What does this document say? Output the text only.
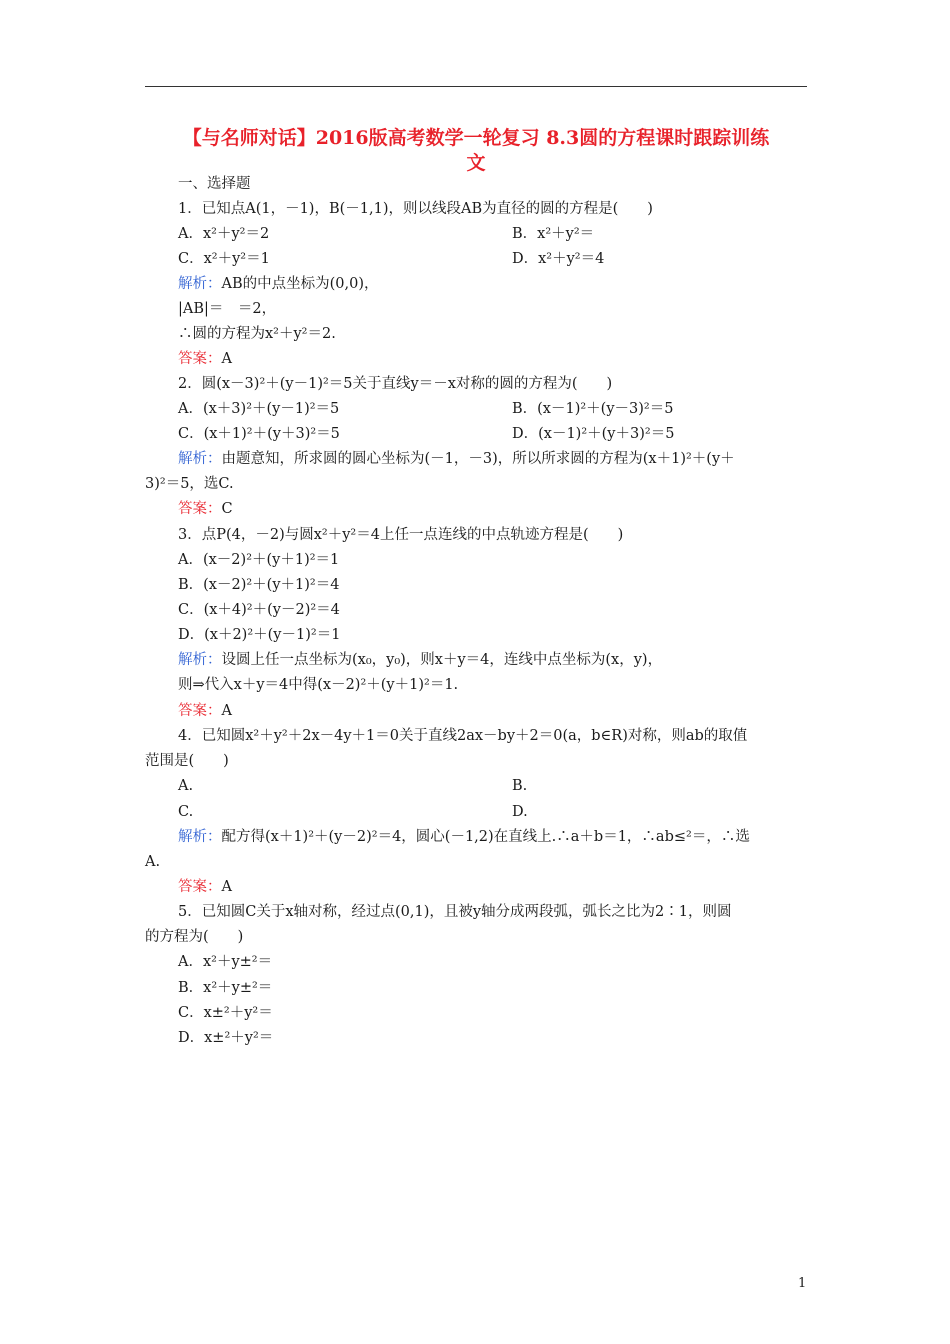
【与名师对话】2016版高考数学一轮复习 8.3圆的方程课时跟踪训练
文
一、选择题
1．已知点A(1，－1)，B(－1,1)，则以线段AB为直径的圆的方程是(　　)
A．x²＋y²＝2	B．x²＋y²＝
C．x²＋y²＝1	D．x²＋y²＝4
解析：AB的中点坐标为(0,0)，
|AB|＝　＝2，
∴圆的方程为x²＋y²＝2.
答案：A
2．圆(x－3)²＋(y－1)²＝5关于直线y＝－x对称的圆的方程为(　　)
A．(x＋3)²＋(y－1)²＝5	B．(x－1)²＋(y－3)²＝5
C．(x＋1)²＋(y＋3)²＝5	D．(x－1)²＋(y＋3)²＝5
解析：由题意知，所求圆的圆心坐标为(－1，－3)，所以所求圆的方程为(x＋1)²＋(y＋
3)²＝5，选C.
答案：C
3．点P(4，－2)与圆x²＋y²＝4上任一点连线的中点轨迹方程是(　　)
A．(x－2)²＋(y＋1)²＝1
B．(x－2)²＋(y＋1)²＝4
C．(x＋4)²＋(y－2)²＝4
D．(x＋2)²＋(y－1)²＝1
解析：设圆上任一点坐标为(x₀，y₀)，则x＋y＝4，连线中点坐标为(x，y)，
则⇒代入x＋y＝4中得(x－2)²＋(y＋1)²＝1.
答案：A
4．已知圆x²＋y²＋2x－4y＋1＝0关于直线2ax－by＋2＝0(a，b∈R)对称，则ab的取值
范围是(　　)
A.	B.
C.	D.
解析：配方得(x＋1)²＋(y－2)²＝4，圆心(－1,2)在直线上.∴a＋b＝1，∴ab≤²＝，∴选
A.
答案：A
5．已知圆C关于x轴对称，经过点(0,1)，且被y轴分成两段弧，弧长之比为2∶1，则圆
的方程为(　　)
A．x²＋y±²＝
B．x²＋y±²＝
C．x±²＋y²＝
D．x±²＋y²＝
1
